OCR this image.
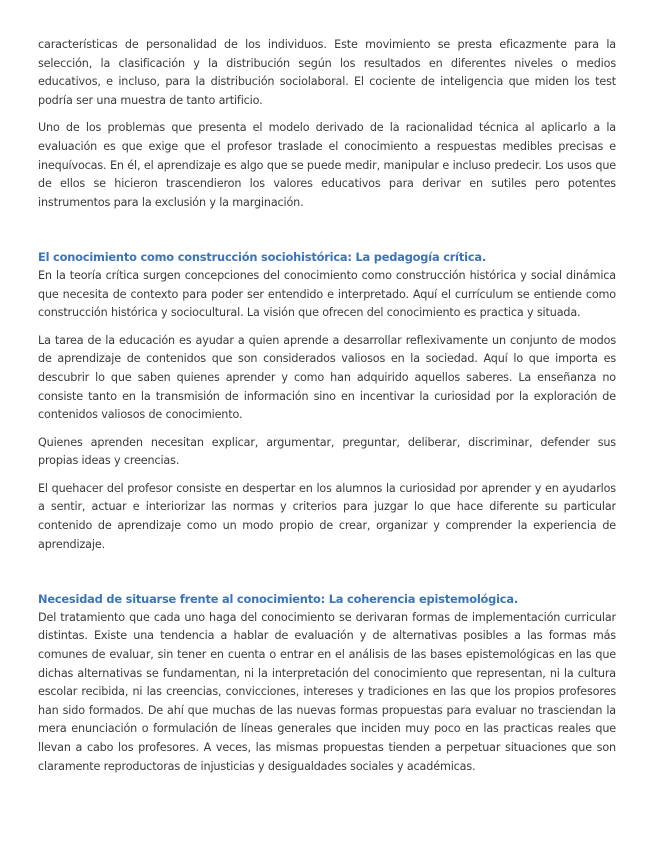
características de personalidad de los individuos. Este movimiento se presta eficazmente para la selección, la clasificación y la distribución según los resultados en diferentes niveles o medios educativos, e incluso, para la distribución sociolaboral. El cociente de inteligencia que miden los test podría ser una muestra de tanto artificio.

Uno de los problemas que presenta el modelo derivado de la racionalidad técnica al aplicarlo a la evaluación es que exige que el profesor traslade el conocimiento a respuestas medibles precisas e inequívocas. En él, el aprendizaje es algo que se puede medir, manipular e incluso predecir. Los usos que de ellos se hicieron trascendieron los valores educativos para derivar en sutiles pero potentes instrumentos para la exclusión y la marginación.

El conocimiento como construcción sociohistórica: La pedagogía crítica.

En la teoría crítica surgen concepciones del conocimiento como construcción histórica y social dinámica que necesita de contexto para poder ser entendido e interpretado. Aquí el currículum se entiende como construcción histórica y sociocultural. La visión que ofrecen del conocimiento es practica y situada.

La tarea de la educación es ayudar a quien aprende a desarrollar reflexivamente un conjunto de modos de aprendizaje de contenidos que son considerados valiosos en la sociedad. Aquí lo que importa es descubrir lo que saben quienes aprender y como han adquirido aquellos saberes. La enseñanza no consiste tanto en la transmisión de información sino en incentivar la curiosidad por la exploración de contenidos valiosos de conocimiento.

Quienes aprenden necesitan explicar, argumentar, preguntar, deliberar, discriminar, defender sus propias ideas y creencias.

El quehacer del profesor consiste en despertar en los alumnos la curiosidad por aprender y en ayudarlos a sentir, actuar e interiorizar las normas y criterios para juzgar lo que hace diferente su particular contenido de aprendizaje como un modo propio de crear, organizar y comprender la experiencia de aprendizaje.

Necesidad de situarse frente al conocimiento: La coherencia epistemológica.

Del tratamiento que cada uno haga del conocimiento se derivaran formas de implementación curricular distintas. Existe una tendencia a hablar de evaluación y de alternativas posibles a las formas más comunes de evaluar, sin tener en cuenta o entrar en el análisis de las bases epistemológicas en las que dichas alternativas se fundamentan, ni la interpretación del conocimiento que representan, ni la cultura escolar recibida, ni las creencias, convicciones, intereses y tradiciones en las que los propios profesores han sido formados. De ahí que muchas de las nuevas formas propuestas para evaluar no trasciendan la mera enunciación o formulación de líneas generales que inciden muy poco en las practicas reales que llevan a cabo los profesores. A veces, las mismas propuestas tienden a perpetuar situaciones que son claramente reproductoras de injusticias y desigualdades sociales y académicas.
